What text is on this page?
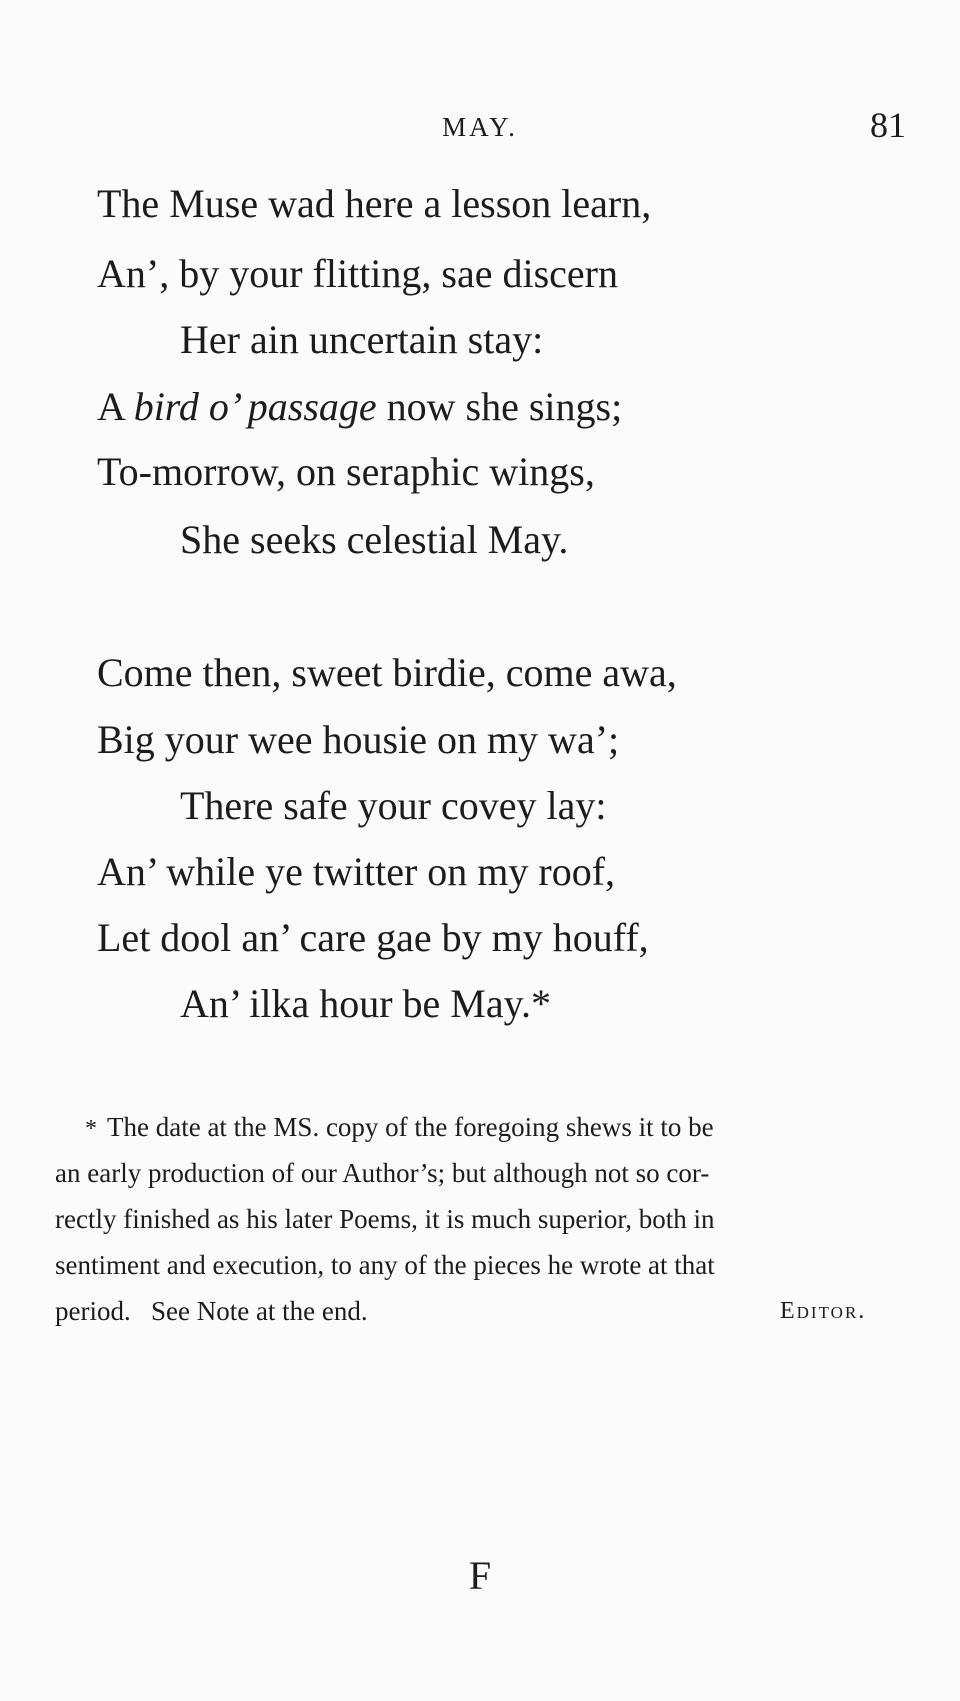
MAY.	81
The Muse wad here a lesson learn,
An’, by your flitting, sae discern
Her ain uncertain stay:
A bird o’ passage now she sings;
To-morrow, on seraphic wings,
She seeks celestial May.
Come then, sweet birdie, come awa,
Big your wee housie on my wa’;
There safe your covey lay:
An’ while ye twitter on my roof,
Let dool an’ care gae by my houff,
An’ ilka hour be May.*
* The date at the MS. copy of the foregoing shews it to be
an early production of our Author’s; but although not so cor-
rectly finished as his later Poems, it is much superior, both in
sentiment and execution, to any of the pieces he wrote at that
period.   See Note at the end.	Editor.
F
